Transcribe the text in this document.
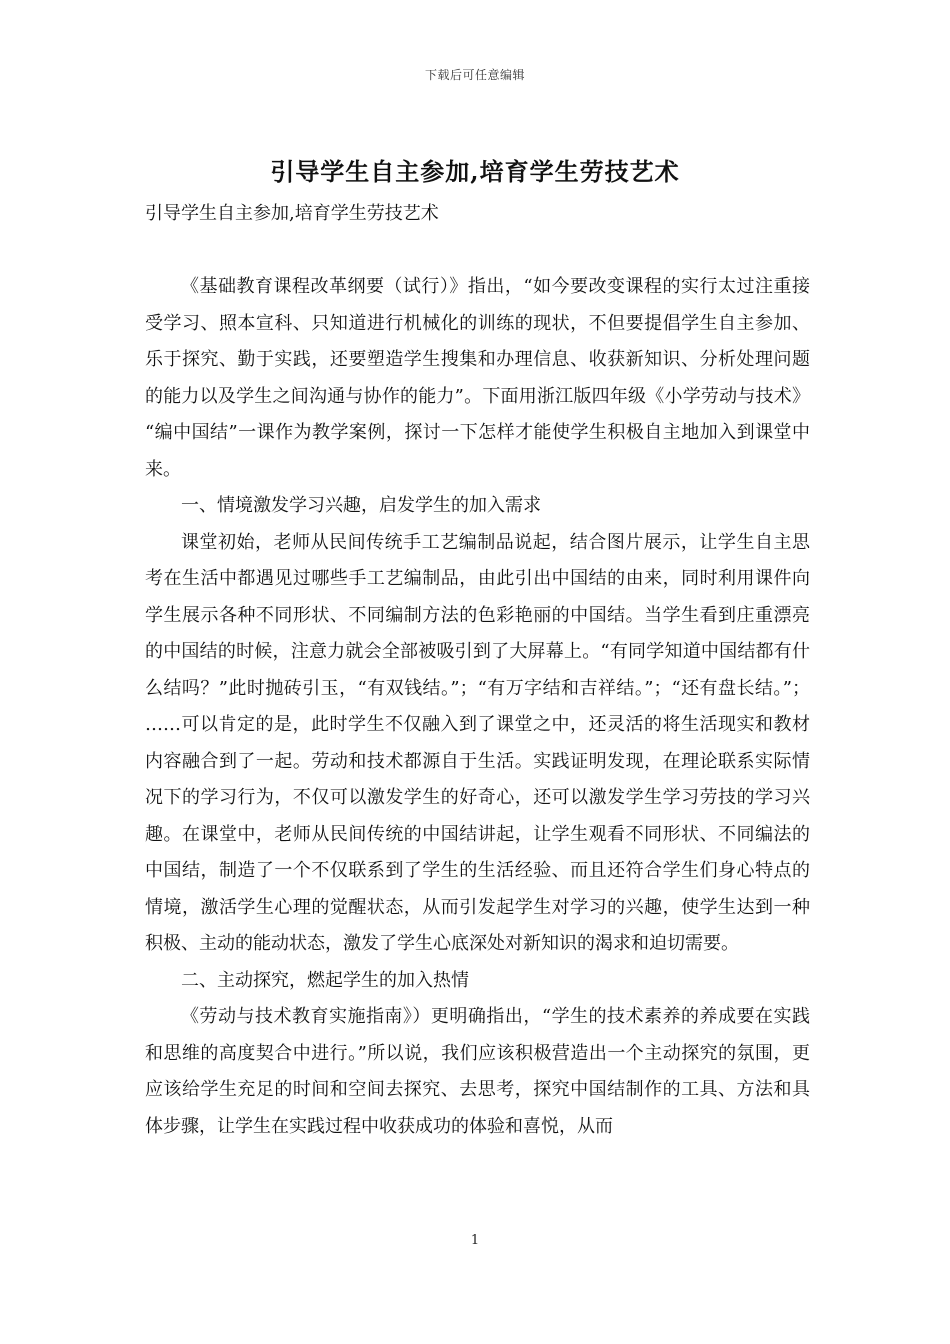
下载后可任意编辑
引导学生自主参加,培育学生劳技艺术

引导学生自主参加,培育学生劳技艺术

《基础教育课程改革纲要（试行）》指出，“如今要改变课程的实行太过注重接受学习、照本宣科、只知道进行机械化的训练的现状，不但要提倡学生自主参加、乐于探究、勤于实践，还要塑造学生搜集和办理信息、收获新知识、分析处理问题的能力以及学生之间沟通与协作的能力”。下面用浙江版四年级《小学劳动与技术》 “编中国结”一课作为教学案例，探讨一下怎样才能使学生积极自主地加入到课堂中来。

一、情境激发学习兴趣，启发学生的加入需求

课堂初始，老师从民间传统手工艺编制品说起，结合图片展示，让学生自主思考在生活中都遇见过哪些手工艺编制品，由此引出中国结的由来，同时利用课件向学生展示各种不同形状、不同编制方法的色彩艳丽的中国结。当学生看到庄重漂亮的中国结的时候，注意力就会全部被吸引到了大屏幕上。“有同学知道中国结都有什么结吗？”此时抛砖引玉，“有双钱结。”；“有万字结和吉祥结。”；“还有盘长结。”； ……可以肯定的是，此时学生不仅融入到了课堂之中，还灵活的将生活现实和教材内容融合到了一起。劳动和技术都源自于生活。实践证明发现，在理论联系实际情况下的学习行为，不仅可以激发学生的好奇心，还可以激发学生学习劳技的学习兴趣。在课堂中，老师从民间传统的中国结讲起，让学生观看不同形状、不同编法的中国结，制造了一个不仅联系到了学生的生活经验、而且还符合学生们身心特点的情境，激活学生心理的觉醒状态，从而引发起学生对学习的兴趣，使学生达到一种积极、主动的能动状态，激发了学生心底深处对新知识的渴求和迫切需要。

二、主动探究，燃起学生的加入热情

《劳动与技术教育实施指南》）更明确指出，“学生的技术素养的养成要在实践和思维的高度契合中进行。”所以说，我们应该积极营造出一个主动探究的氛围，更应该给学生充足的时间和空间去探究、去思考，探究中国结制作的工具、方法和具体步骤，让学生在实践过程中收获成功的体验和喜悦，从而

1
